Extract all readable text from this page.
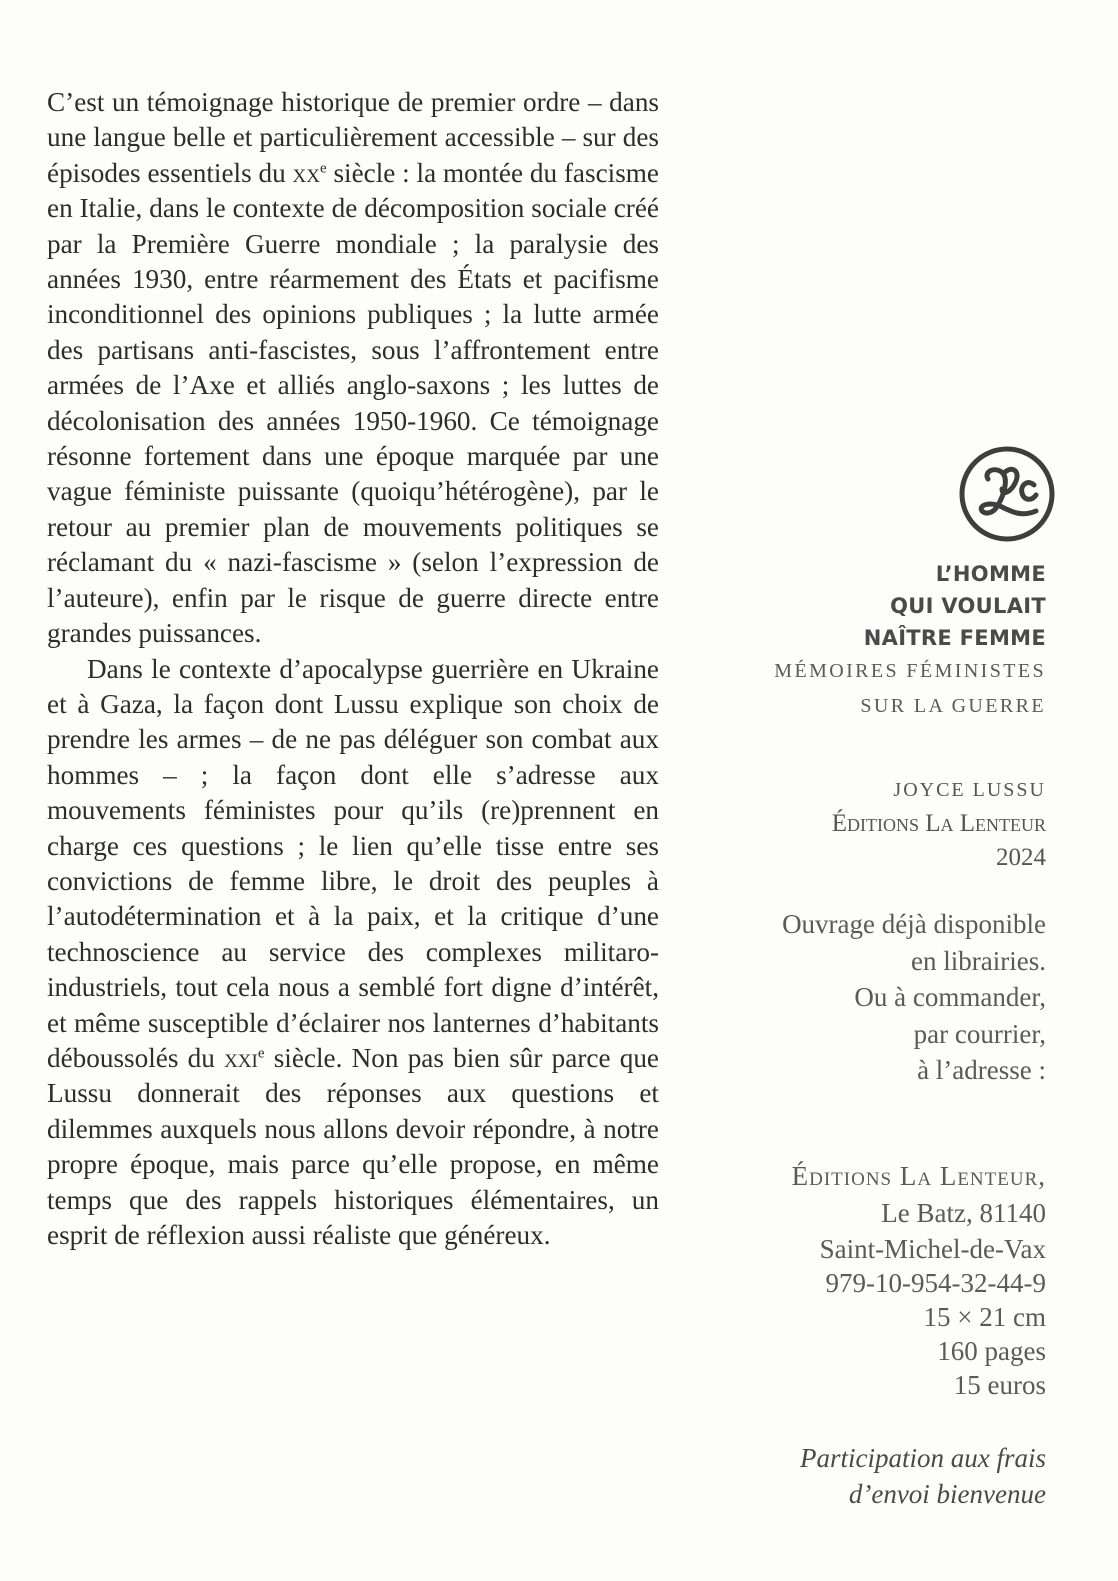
C’est un témoignage historique de premier ordre – dans une langue belle et particulièrement accessible – sur des épisodes essentiels du $xx^e$ siècle : la montée du fascisme en Italie, dans le contexte de décomposition sociale créé par la Première Guerre mondiale ; la paralysie des années 1930, entre réarmement des États et pacifisme inconditionnel des opinions publiques ; la lutte armée des partisans anti-fascistes, sous l’affrontement entre armées de l’Axe et alliés anglo-saxons ; les luttes de décolonisation des années 1950-1960. Ce témoignage résonne fortement dans une époque marquée par une vague féministe puissante (quoiqu’hétérogène), par le retour au premier plan de mouvements politiques se réclamant du « nazi-fascisme » (selon l’expression de l’auteure), enfin par le risque de guerre directe entre grandes puissances.

Dans le contexte d’apocalypse guerrière en Ukraine et à Gaza, la façon dont Lussu explique son choix de prendre les armes – de ne pas déléguer son combat aux hommes – ; la façon dont elle s’adresse aux mouvements féministes pour qu’ils (re)prennent en charge ces questions ; le lien qu’elle tisse entre ses convictions de femme libre, le droit des peuples à l’autodétermination et à la paix, et la critique d’une technoscience au service des complexes militaro-industriels, tout cela nous a semblé fort digne d’intérêt, et même susceptible d’éclairer nos lanternes d’habitants déboussolés du xxi$^e$ siècle. Non pas bien sûr parce que Lussu donnerait des réponses aux questions et dilemmes auxquels nous allons devoir répondre, à notre propre époque, mais parce qu’elle propose, en même temps que des rappels historiques élémentaires, un esprit de réflexion aussi réaliste que généreux.

L’HOMME
QUI VOULAIT
NAÎTRE FEMME
MÉMOIRES FÉMINISTES
SUR LA GUERRE
JOYCE LUSSU
Éditions La Lenteur
2024
Ouvrage déjà disponible
en librairies.
Ou à commander,
par courrier,
à l’adresse :
Éditions La Lenteur,
Le Batz, 81140
Saint-Michel-de-Vax
979-10-954-32-44-9
15 × 21 cm
160 pages
15 euros
Participation aux frais
d’envoi bienvenue
